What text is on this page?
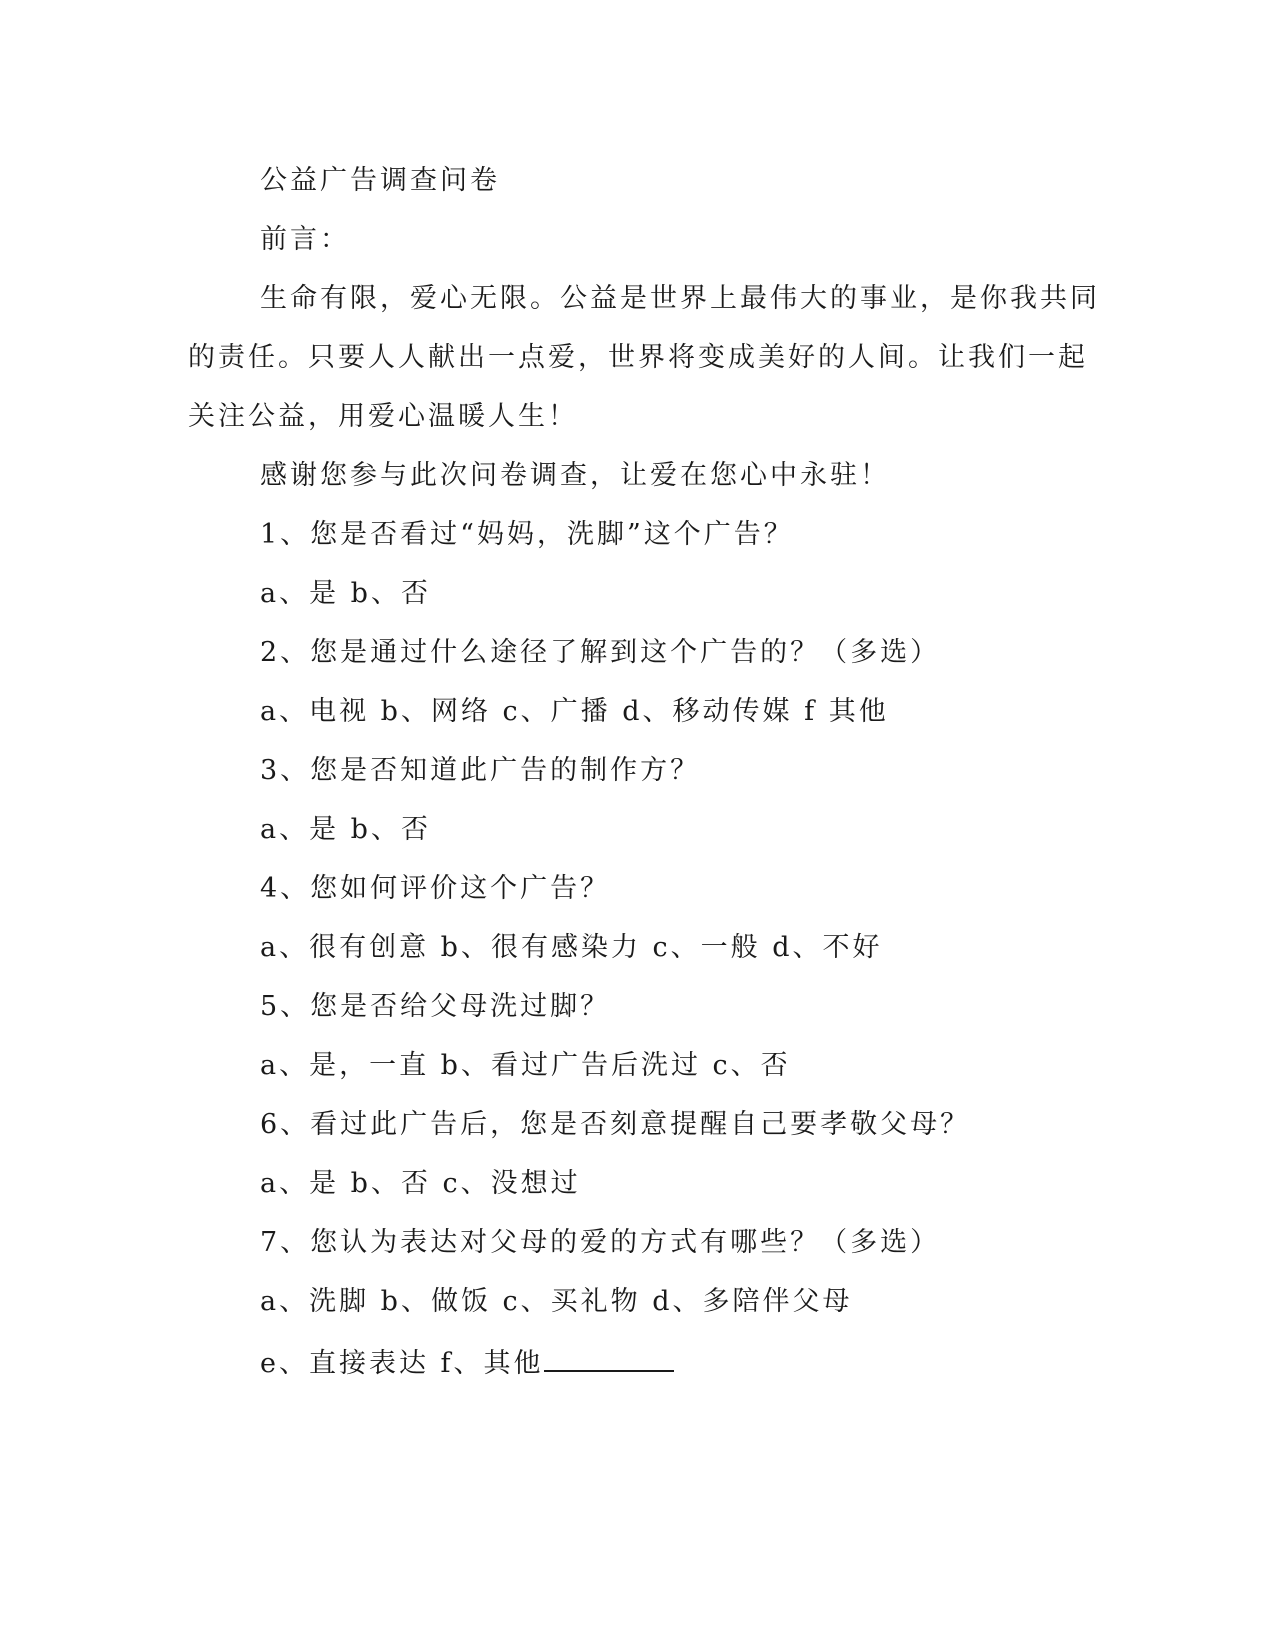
公益广告调查问卷
前言：
生命有限，爱心无限。公益是世界上最伟大的事业，是你我共同
的责任。只要人人献出一点爱，世界将变成美好的人间。让我们一起
关注公益，用爱心温暖人生！
感谢您参与此次问卷调查，让爱在您心中永驻！
1、您是否看过“妈妈，洗脚”这个广告？
a、是 b、否
2、您是通过什么途径了解到这个广告的？（多选）
a、电视 b、网络 c、广播 d、移动传媒 f 其他
3、您是否知道此广告的制作方？
a、是 b、否
4、您如何评价这个广告？
a、很有创意 b、很有感染力 c、一般 d、不好
5、您是否给父母洗过脚？
a、是，一直 b、看过广告后洗过 c、否
6、看过此广告后，您是否刻意提醒自己要孝敬父母？
a、是 b、否 c、没想过
7、您认为表达对父母的爱的方式有哪些？（多选）
a、洗脚 b、做饭 c、买礼物 d、多陪伴父母
e、直接表达 f、其他
